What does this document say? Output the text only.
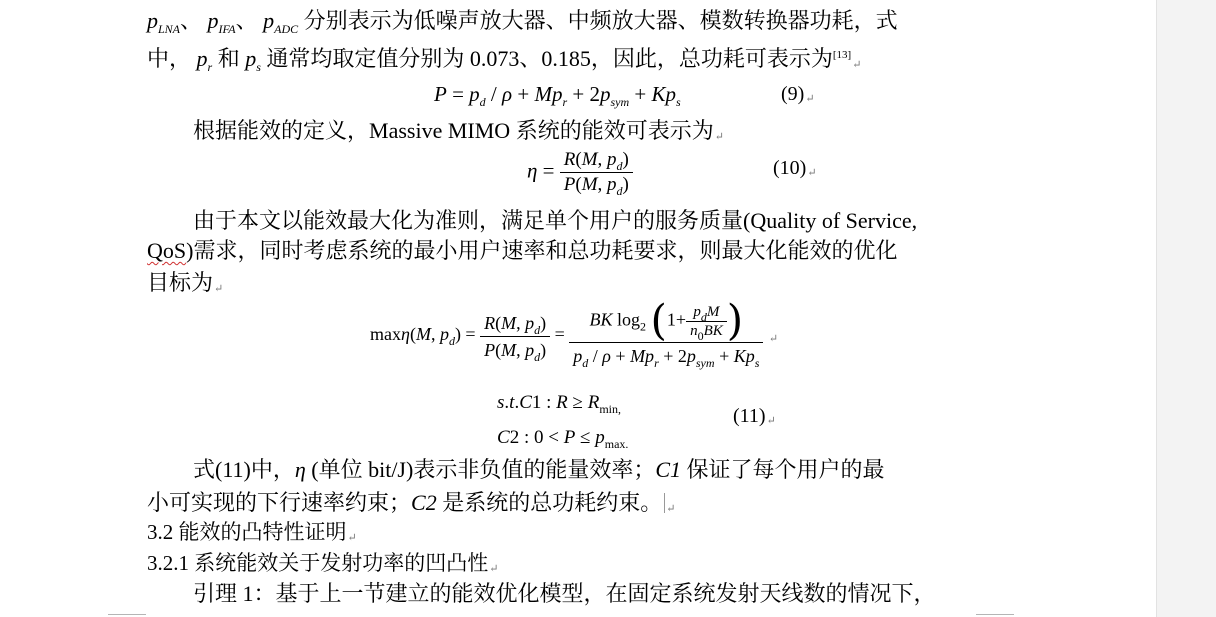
$p_{LNA}$、 $p_{IFA}$、 $p_{ADC}$ 分别表示为低噪声放大器、中频放大器、模数转换器功耗，式
中， $p_r$ 和 $p_s$ 通常均取定值分别为 0.073、0.185，因此，总功耗可表示为[13]↵
$P = p_d / \rho + Mp_r + 2p_{sym} + Kp_s$	(9)↵
根据能效的定义，Massive MIMO 系统的能效可表示为↵
$\eta = \frac{R(M, p_d)}{P(M, p_d)}$	(10)↵
由于本文以能效最大化为准则，满足单个用户的服务质量(Quality of Service,
QoS)需求，同时考虑系统的最小用户速率和总功耗要求，则最大化能效的优化
目标为↵
maxη(M, $p_d) = \frac{R(M, p_d)}{P(M, p_d)} = \frac{BK \log_2 (1+ \frac{p_dM}{n_0BK} )}{p_d / \rho + Mp_r + 2p_{sym} + Kp_s}$ ↵
s.t.C1 : $R \ge R_{min,}$	(11)↵
C2 : $0 < P \le p_{max.}$
式(11)中，η (单位 bit/J)表示非负值的能量效率；C1 保证了每个用户的最
小可实现的下行速率约束；C2 是系统的总功耗约束。 ↵
3.2 能效的凸特性证明↵
3.2.1 系统能效关于发射功率的凹凸性↵
引理 1：基于上一节建立的能效优化模型，在固定系统发射天线数的情况下，
